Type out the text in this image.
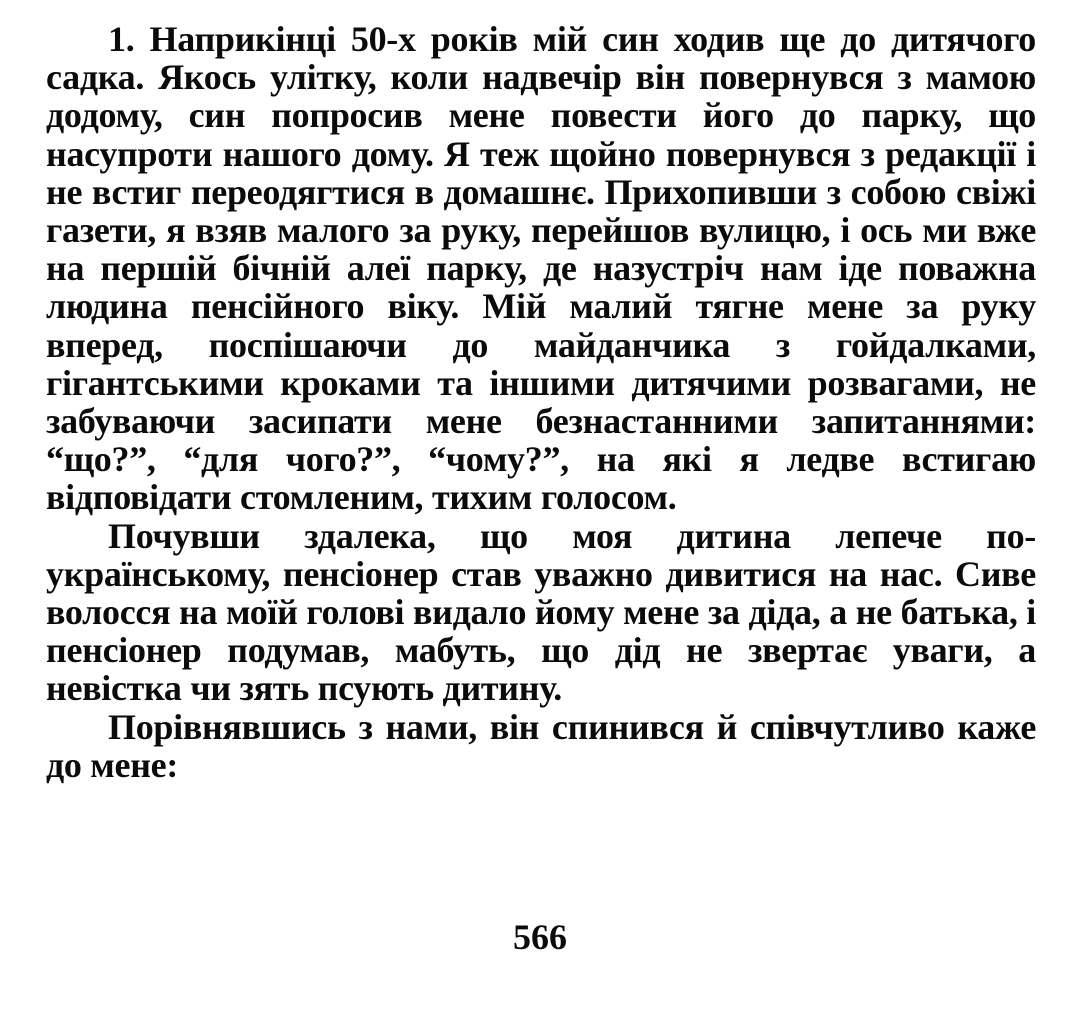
1. Наприкінці 50-х років мій син ходив ще до дитячого садка. Якось улітку, коли надвечір він повернувся з мамою додому, син попросив мене повести його до парку, що насупроти нашого дому. Я теж щойно повернувся з редакції і не встиг переодягтися в домашнє. Прихопивши з собою свіжі газети, я взяв малого за руку, перейшов вулицю, і ось ми вже на першій бічній алеї парку, де назустріч нам іде поважна людина пенсійного віку. Мій малий тягне мене за руку вперед, поспішаючи до майданчика з гойдалками, гігантськими кроками та іншими дитячими розвагами, не забуваючи засипати мене безнастанними запитаннями: “що?”, “для чого?”, “чому?”, на які я ледве встигаю відповідати стомленим, тихим голосом.

Почувши здалека, що моя дитина лепече по-українському, пенсіонер став уважно дивитися на нас. Сиве волосся на моїй голові видало йому мене за діда, а не батька, і пенсіонер подумав, мабуть, що дід не звертає уваги, а невістка чи зять псують дитину.

Порівнявшись з нами, він спинився й співчутливо каже до мене:

566
